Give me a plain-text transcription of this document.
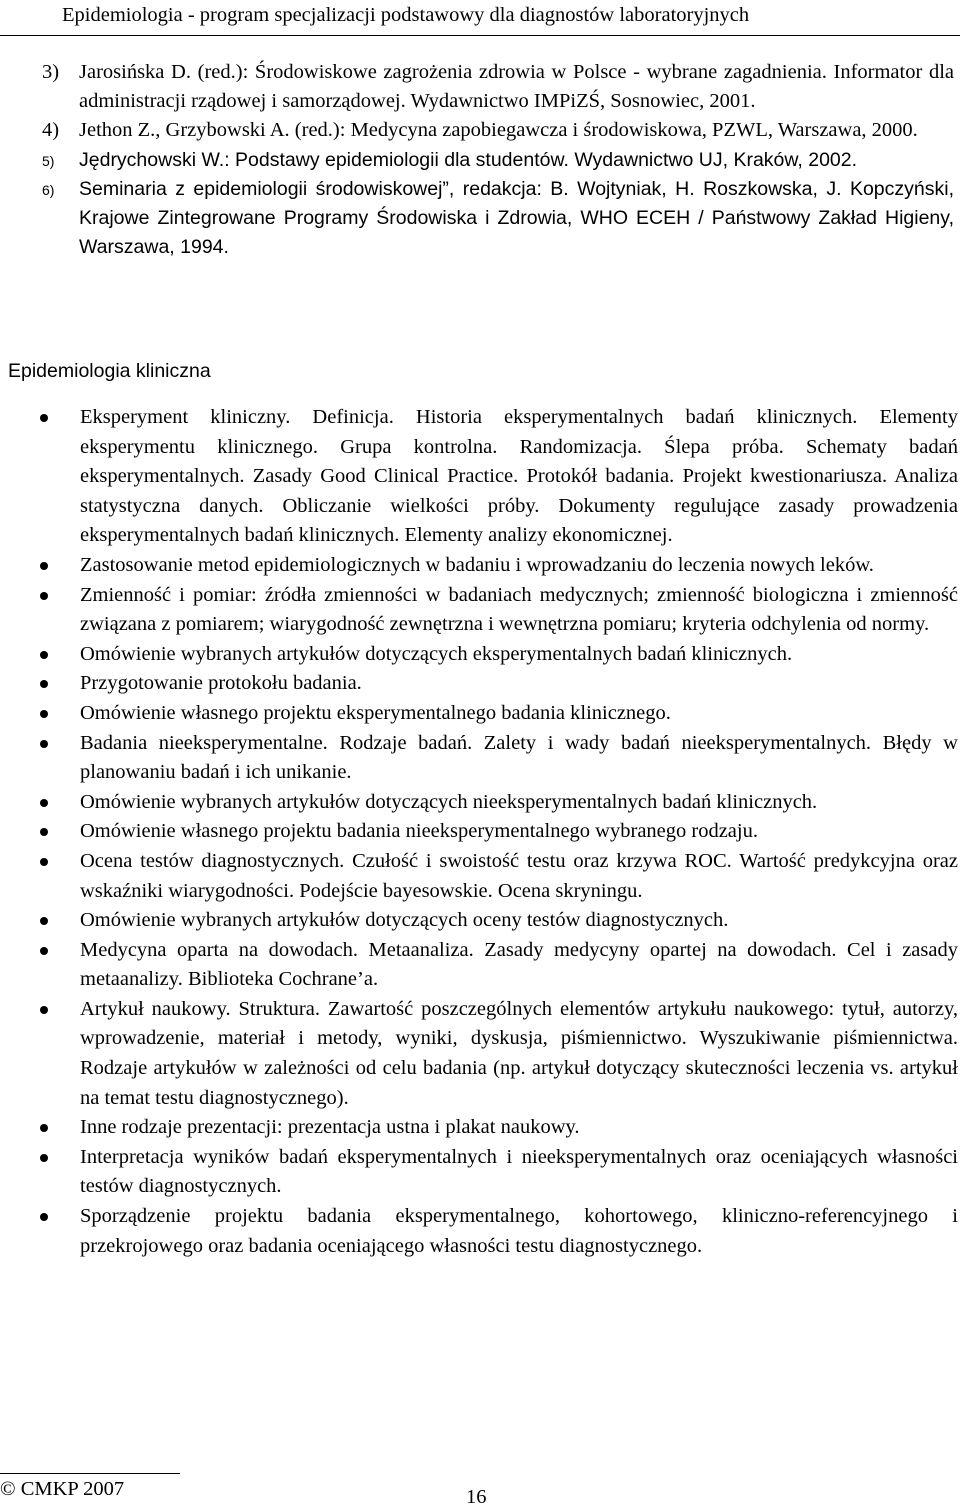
Epidemiologia - program specjalizacji podstawowy dla diagnostów laboratoryjnych
3) Jarosińska D. (red.): Środowiskowe zagrożenia zdrowia w Polsce - wybrane zagadnienia. Informator dla administracji rządowej i samorządowej. Wydawnictwo IMPiZŚ, Sosnowiec, 2001.
4) Jethon Z., Grzybowski A. (red.): Medycyna zapobiegawcza i środowiskowa, PZWL, Warszawa, 2000.
5) Jędrychowski W.: Podstawy epidemiologii dla studentów. Wydawnictwo UJ, Kraków, 2002.
6) Seminaria z epidemiologii środowiskowej”, redakcja: B. Wojtyniak, H. Roszkowska, J. Kopczyński, Krajowe Zintegrowane Programy Środowiska i Zdrowia, WHO ECEH / Państwowy Zakład Higieny, Warszawa, 1994.
Epidemiologia kliniczna
Eksperyment kliniczny. Definicja. Historia eksperymentalnych badań klinicznych. Elementy eksperymentu klinicznego. Grupa kontrolna. Randomizacja. Ślepa próba. Schematy badań eksperymentalnych. Zasady Good Clinical Practice. Protokół badania. Projekt kwestionariusza. Analiza statystyczna danych. Obliczanie wielkości próby. Dokumenty regulujące zasady prowadzenia eksperymentalnych badań klinicznych. Elementy analizy ekonomicznej.
Zastosowanie metod epidemiologicznych w badaniu i wprowadzaniu do leczenia nowych leków.
Zmienność i pomiar: źródła zmienności w badaniach medycznych; zmienność biologiczna i zmienność związana z pomiarem; wiarygodność zewnętrzna i wewnętrzna pomiaru; kryteria odchylenia od normy.
Omówienie wybranych artykułów dotyczących eksperymentalnych badań klinicznych.
Przygotowanie protokołu badania.
Omówienie własnego projektu eksperymentalnego badania klinicznego.
Badania nieeksperymentalne. Rodzaje badań. Zalety i wady badań nieeksperymentalnych. Błędy w planowaniu badań i ich unikanie.
Omówienie wybranych artykułów dotyczących nieeksperymentalnych badań klinicznych.
Omówienie własnego projektu badania nieeksperymentalnego wybranego rodzaju.
Ocena testów diagnostycznych. Czułość i swoistość testu oraz krzywa ROC. Wartość predykcyjna oraz wskaźniki wiarygodności. Podejście bayesowskie. Ocena skryningu.
Omówienie wybranych artykułów dotyczących oceny testów diagnostycznych.
Medycyna oparta na dowodach. Metaanaliza. Zasady medycyny opartej na dowodach. Cel i zasady metaanalizy. Biblioteka Cochrane’a.
Artykuł naukowy. Struktura. Zawartość poszczególnych elementów artykułu naukowego: tytuł, autorzy, wprowadzenie, materiał i metody, wyniki, dyskusja, piśmiennictwo. Wyszukiwanie piśmiennictwa. Rodzaje artykułów w zależności od celu badania (np. artykuł dotyczący skuteczności leczenia vs. artykuł na temat testu diagnostycznego).
Inne rodzaje prezentacji: prezentacja ustna i plakat naukowy.
Interpretacja wyników badań eksperymentalnych i nieeksperymentalnych oraz oceniających własności testów diagnostycznych.
Sporządzenie projektu badania eksperymentalnego, kohortowego, kliniczno-referencyjnego i przekrojowego oraz badania oceniającego własności testu diagnostycznego.
© CMKP 2007	16
